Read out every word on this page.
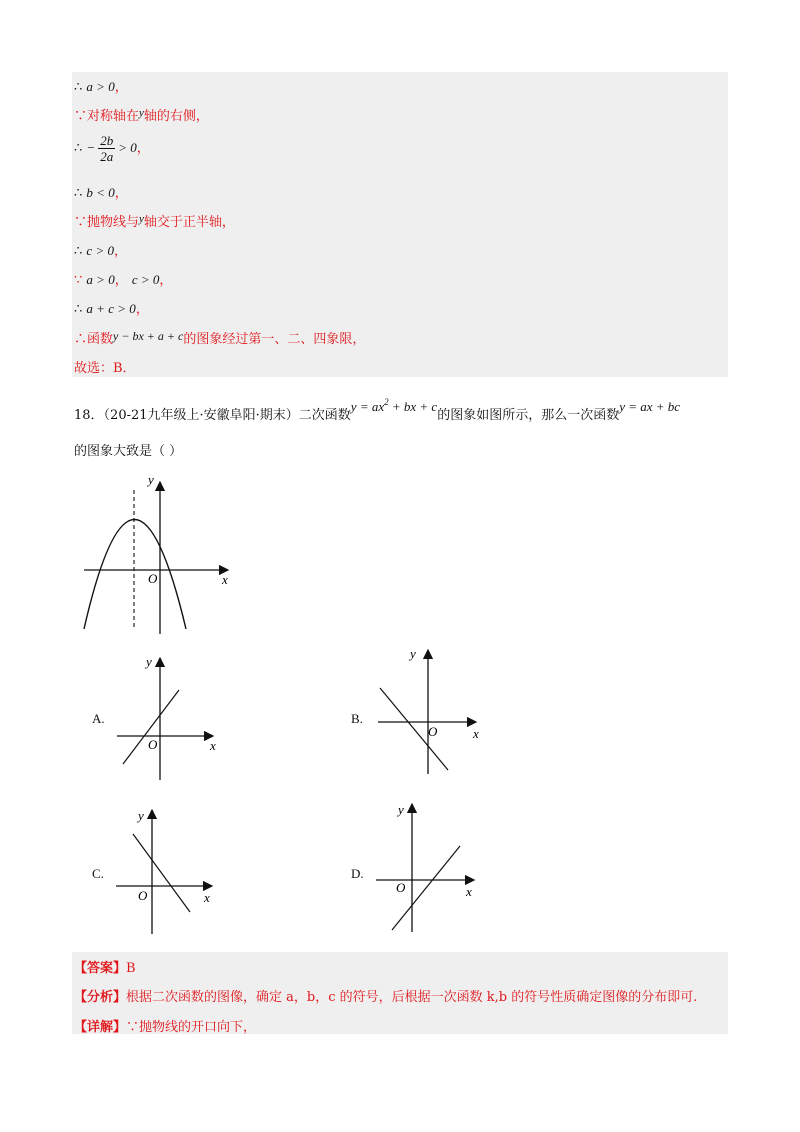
∴ a > 0，
∵对称轴在$^y$轴的右侧，
∴ − $\frac{2b}{2a} > 0$，
∴ b < 0，
∵抛物线与$^y$轴交于正半轴，
∴ c > 0，
∵ a > 0， c > 0，
∴ a + c > 0，
∴函数y − bx + a + c的图象经过第一、二、四象限，
故选：B．
18．（20-21九年级上·安徽阜阳·期末）二次函数$y = ax^2$ + bx + c的图象如图所示，那么一次函数y = ax + bc
的图象大致是（ ）
y
x
O
A.
y
x
O
B.
y
x
O
C.
y
x
O
D.
y
x
O
【答案】B
【分析】根据二次函数的图像，确定 a，b，c 的符号，后根据一次函数 k,b 的符号性质确定图像的分布即可.
【详解】∵抛物线的开口向下，
